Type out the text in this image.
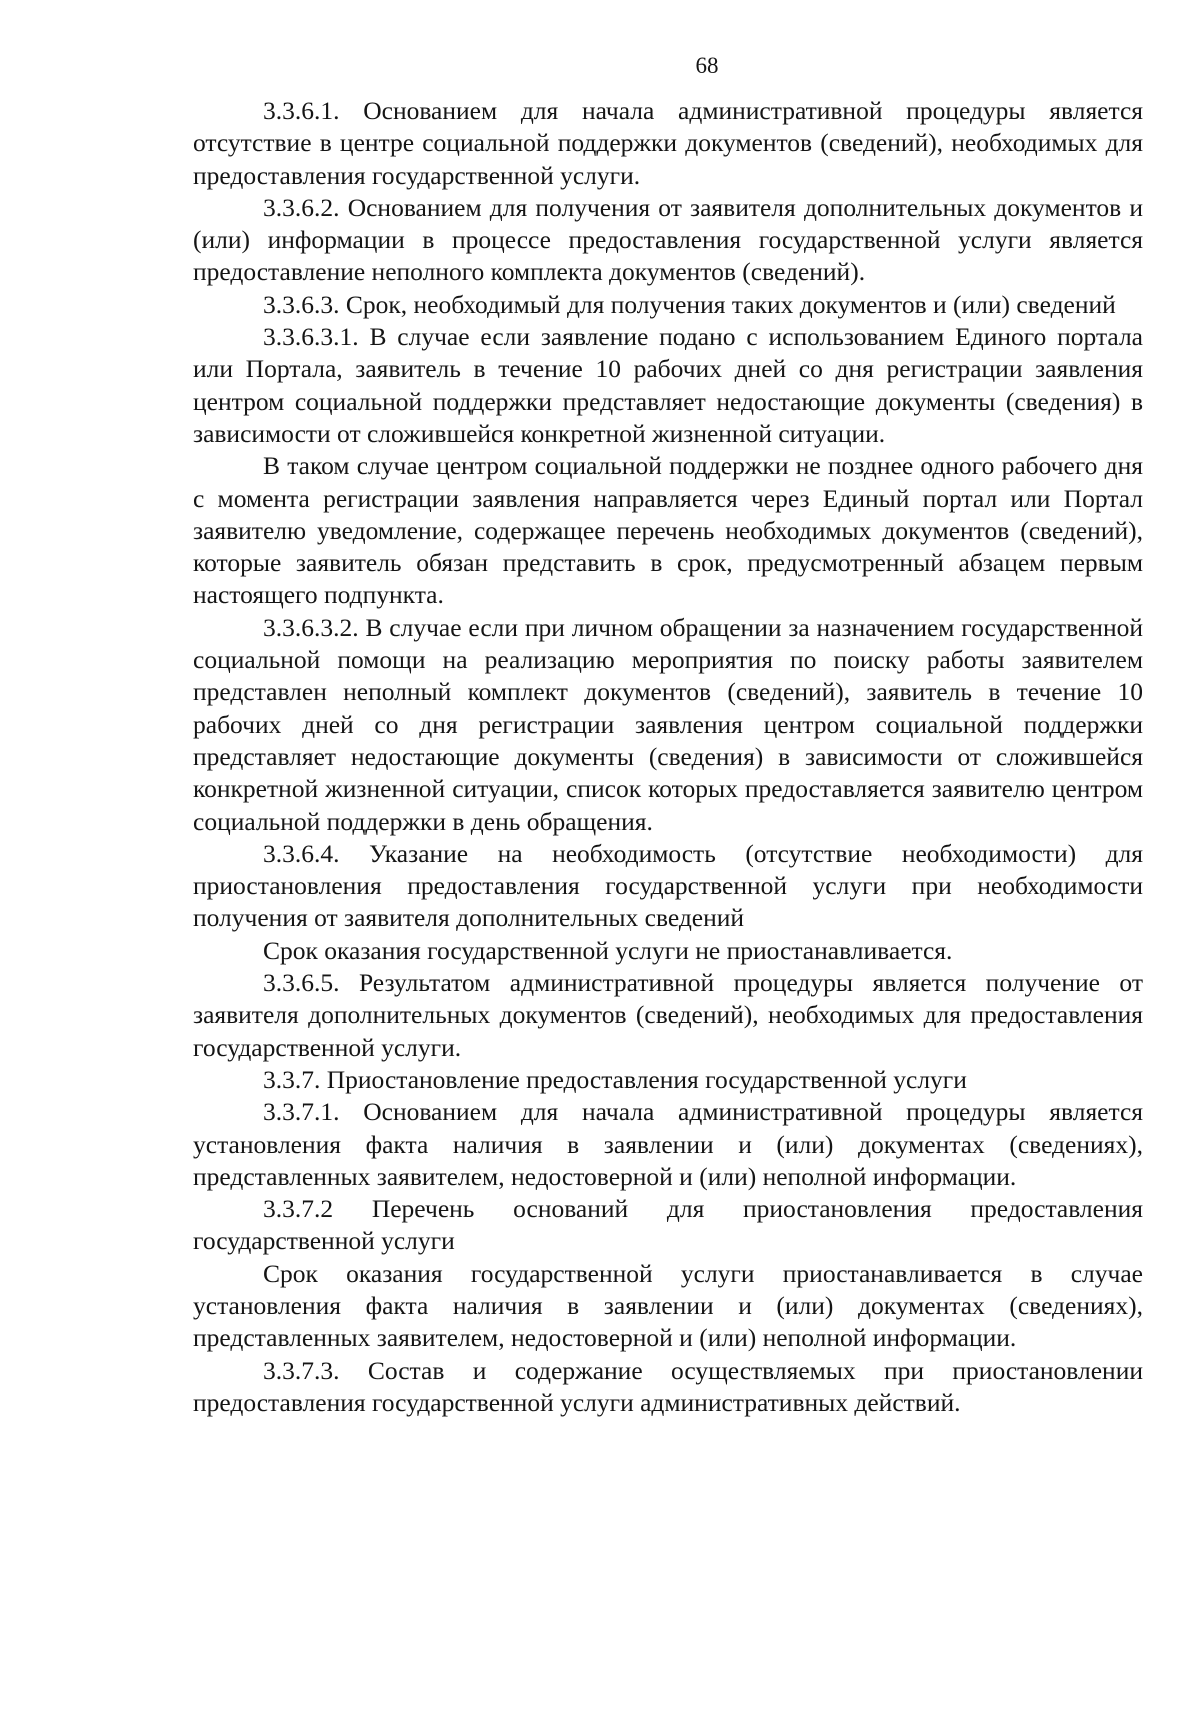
68

3.3.6.1. Основанием для начала административной процедуры является отсутствие в центре социальной поддержки документов (сведений), необходимых для предоставления государственной услуги.

3.3.6.2. Основанием для получения от заявителя дополнительных документов и (или) информации в процессе предоставления государственной услуги является предоставление неполного комплекта документов (сведений).

3.3.6.3. Срок, необходимый для получения таких документов и (или) сведений

3.3.6.3.1. В случае если заявление подано с использованием Единого портала или Портала, заявитель в течение 10 рабочих дней со дня регистрации заявления центром социальной поддержки представляет недостающие документы (сведения) в зависимости от сложившейся конкретной жизненной ситуации.

В таком случае центром социальной поддержки не позднее одного рабочего дня с момента регистрации заявления направляется через Единый портал или Портал заявителю уведомление, содержащее перечень необходимых документов (сведений), которые заявитель обязан представить в срок, предусмотренный абзацем первым настоящего подпункта.

3.3.6.3.2. В случае если при личном обращении за назначением государственной социальной помощи на реализацию мероприятия по поиску работы заявителем представлен неполный комплект документов (сведений), заявитель в течение 10 рабочих дней со дня регистрации заявления центром социальной поддержки представляет недостающие документы (сведения) в зависимости от сложившейся конкретной жизненной ситуации, список которых предоставляется заявителю центром социальной поддержки в день обращения.

3.3.6.4. Указание на необходимость (отсутствие необходимости) для приостановления предоставления государственной услуги при необходимости получения от заявителя дополнительных сведений

Срок оказания государственной услуги не приостанавливается.

3.3.6.5. Результатом административной процедуры является получение от заявителя дополнительных документов (сведений), необходимых для предоставления государственной услуги.

3.3.7. Приостановление предоставления государственной услуги

3.3.7.1. Основанием для начала административной процедуры является установления факта наличия в заявлении и (или) документах (сведениях), представленных заявителем, недостоверной и (или) неполной информации.

3.3.7.2 Перечень оснований для приостановления предоставления государственной услуги

Срок оказания государственной услуги приостанавливается в случае установления факта наличия в заявлении и (или) документах (сведениях), представленных заявителем, недостоверной и (или) неполной информации.

3.3.7.3. Состав и содержание осуществляемых при приостановлении предоставления государственной услуги административных действий.
